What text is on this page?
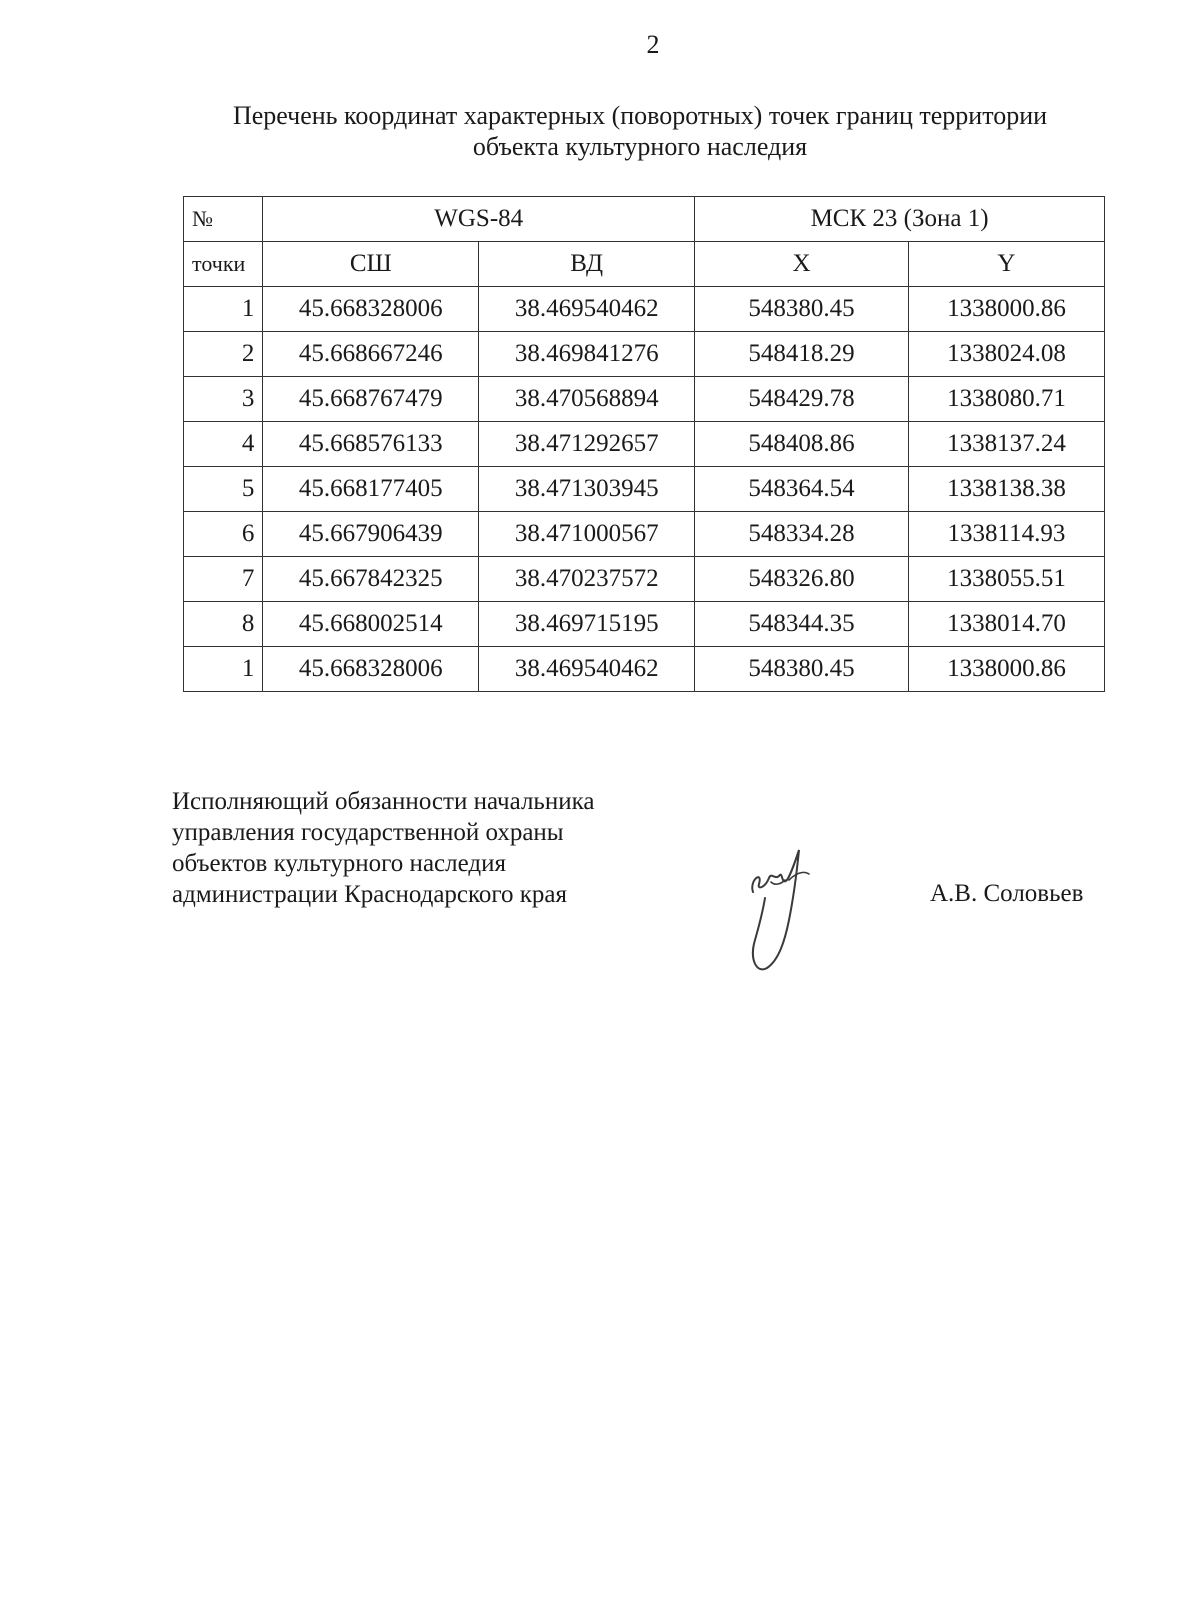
2
Перечень координат характерных (поворотных) точек границ территории
объекта культурного наследия
№	WGS-84		МСК 23 (Зона 1)	
точки	СШ	ВД	X	Y
1	45.668328006	38.469540462	548380.45	1338000.86
2	45.668667246	38.469841276	548418.29	1338024.08
3	45.668767479	38.470568894	548429.78	1338080.71
4	45.668576133	38.471292657	548408.86	1338137.24
5	45.668177405	38.471303945	548364.54	1338138.38
6	45.667906439	38.471000567	548334.28	1338114.93
7	45.667842325	38.470237572	548326.80	1338055.51
8	45.668002514	38.469715195	548344.35	1338014.70
1	45.668328006	38.469540462	548380.45	1338000.86
Исполняющий обязанности начальника
управления государственной охраны
объектов культурного наследия
администрации Краснодарского края	А.В. Соловьев
